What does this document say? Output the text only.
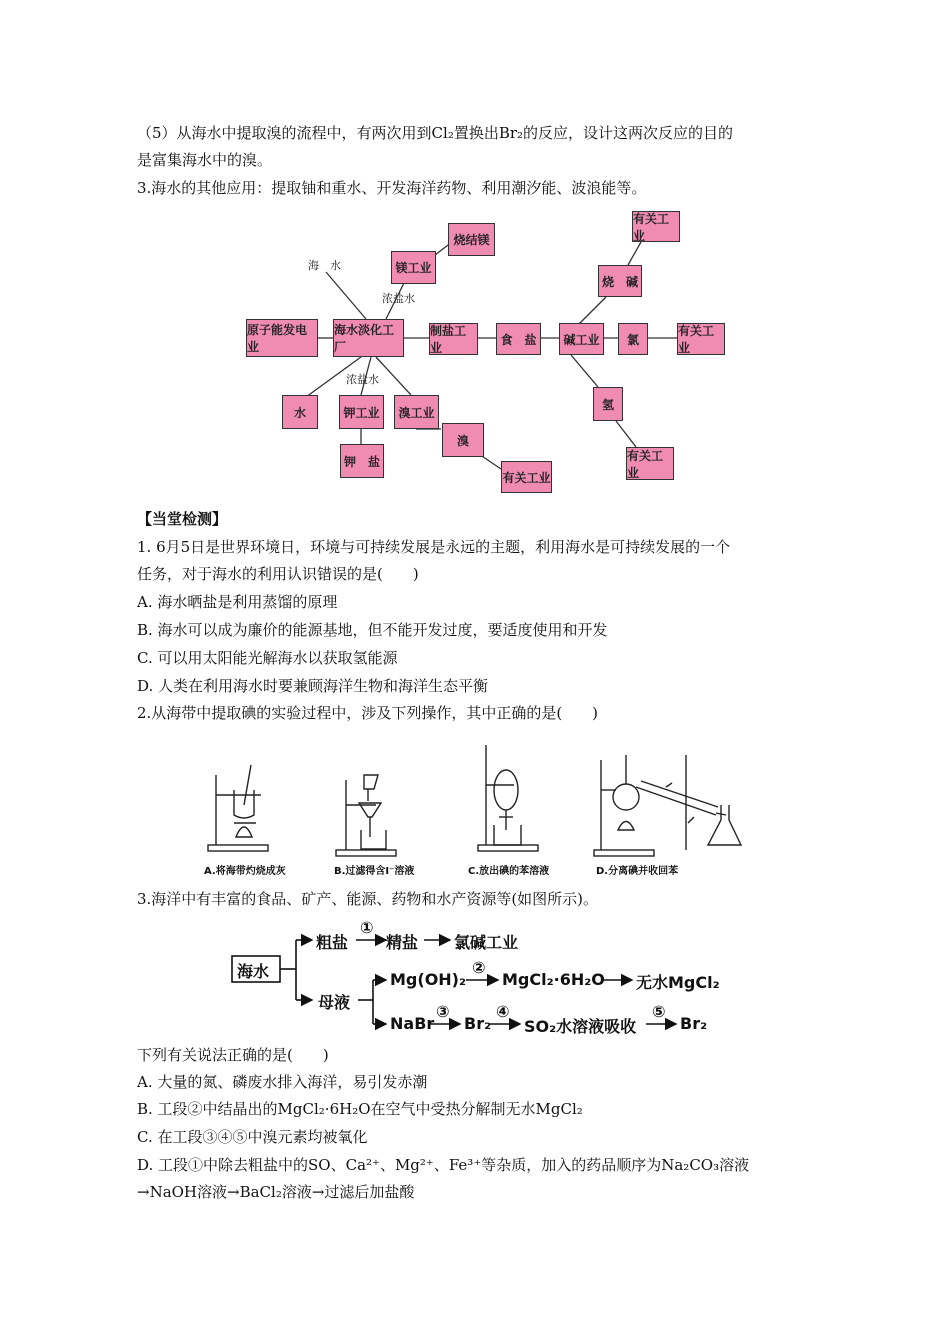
（5）从海水中提取溴的流程中，有两次用到Cl₂置换出Br₂的反应，设计这两次反应的目的
是富集海水中的溴。
3.海水的其他应用：提取铀和重水、开发海洋药物、利用潮汐能、波浪能等。
原子能发电业
海水淡化工厂
制盐工业
食　盐	碱工业	氯
有关工业
烧　碱
有关工业
氢
有关工业
镁工业
烧结镁
水	钾工业	溴工业
钾　盐
溴
有关工业
海　水
浓盐水
浓盐水
【当堂检测】
1. 6月5日是世界环境日，环境与可持续发展是永远的主题，利用海水是可持续发展的一个
任务，对于海水的利用认识错误的是(　　)
A. 海水晒盐是利用蒸馏的原理
B. 海水可以成为廉价的能源基地，但不能开发过度，要适度使用和开发
C. 可以用太阳能光解海水以获取氢能源
D. 人类在利用海水时要兼顾海洋生物和海洋生态平衡
2.从海带中提取碘的实验过程中，涉及下列操作，其中正确的是(　　)
A.将海带灼烧成灰	B.过滤得含I⁻溶液	C.放出碘的苯溶液	D.分离碘并收回苯
3.海洋中有丰富的食品、矿产、能源、药物和水产资源等(如图所示)。
海水
粗盐
①
精盐 氯碱工业
母液
Mg(OH)₂
②
MgCl₂·6H₂O 无水MgCl₂
NaBr
③
Br₂
④
SO₂水溶液吸收
⑤
Br₂
下列有关说法正确的是(　　)
A. 大量的氮、磷废水排入海洋，易引发赤潮
B. 工段②中结晶出的MgCl₂·6H₂O在空气中受热分解制无水MgCl₂
C. 在工段③④⑤中溴元素均被氧化
D. 工段①中除去粗盐中的SO、Ca²⁺、Mg²⁺、Fe³⁺等杂质，加入的药品顺序为Na₂CO₃溶液
→NaOH溶液→BaCl₂溶液→过滤后加盐酸
